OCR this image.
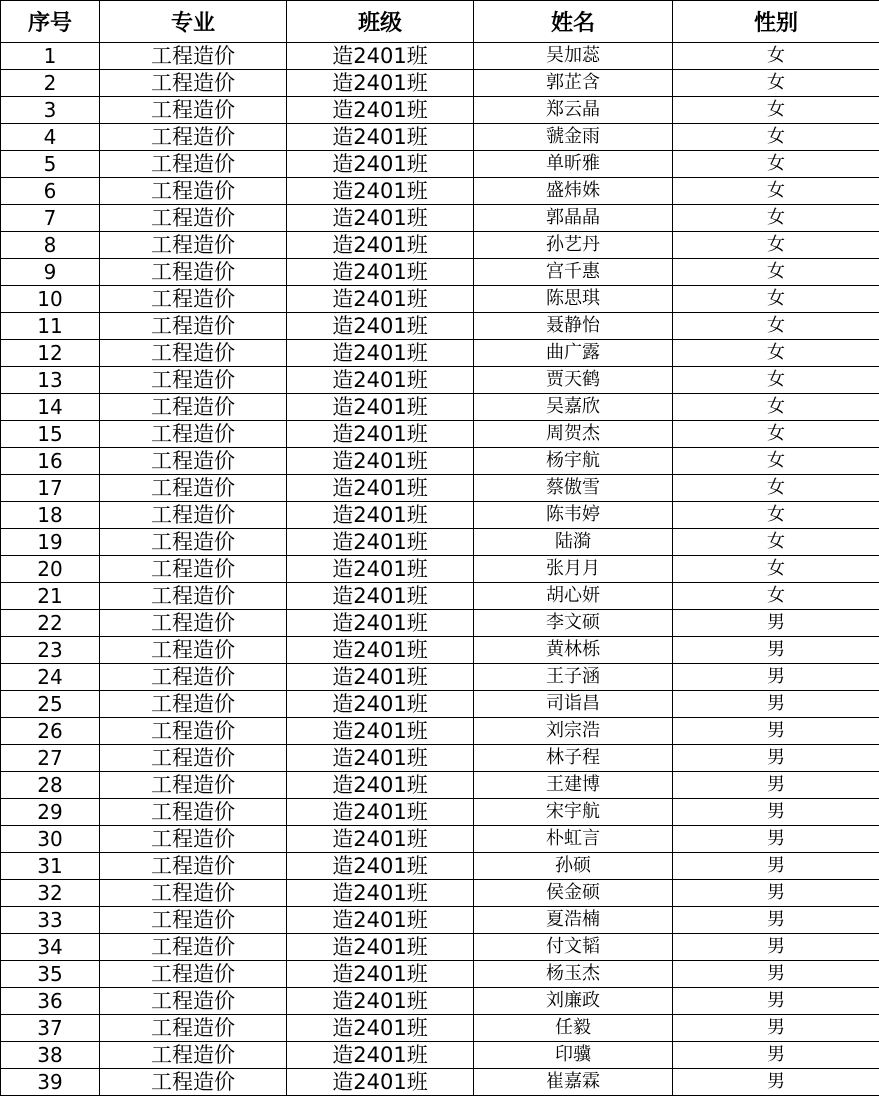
序号	专业	班级	姓名	性别
1	工程造价	造2401班	吴加蕊	女
2	工程造价	造2401班	郭芷含	女
3	工程造价	造2401班	郑云晶	女
4	工程造价	造2401班	虢金雨	女
5	工程造价	造2401班	单昕雅	女
6	工程造价	造2401班	盛炜姝	女
7	工程造价	造2401班	郭晶晶	女
8	工程造价	造2401班	孙艺丹	女
9	工程造价	造2401班	宫千惠	女
10	工程造价	造2401班	陈思琪	女
11	工程造价	造2401班	聂静怡	女
12	工程造价	造2401班	曲广露	女
13	工程造价	造2401班	贾天鹤	女
14	工程造价	造2401班	吴嘉欣	女
15	工程造价	造2401班	周贺杰	女
16	工程造价	造2401班	杨宇航	女
17	工程造价	造2401班	蔡傲雪	女
18	工程造价	造2401班	陈韦婷	女
19	工程造价	造2401班	陆漪	女
20	工程造价	造2401班	张月月	女
21	工程造价	造2401班	胡心妍	女
22	工程造价	造2401班	李文硕	男
23	工程造价	造2401班	黄林栎	男
24	工程造价	造2401班	王子涵	男
25	工程造价	造2401班	司诣昌	男
26	工程造价	造2401班	刘宗浩	男
27	工程造价	造2401班	林子程	男
28	工程造价	造2401班	王建博	男
29	工程造价	造2401班	宋宇航	男
30	工程造价	造2401班	朴虹言	男
31	工程造价	造2401班	孙硕	男
32	工程造价	造2401班	侯金硕	男
33	工程造价	造2401班	夏浩楠	男
34	工程造价	造2401班	付文韬	男
35	工程造价	造2401班	杨玉杰	男
36	工程造价	造2401班	刘廉政	男
37	工程造价	造2401班	任毅	男
38	工程造价	造2401班	印骥	男
39	工程造价	造2401班	崔嘉霖	男
